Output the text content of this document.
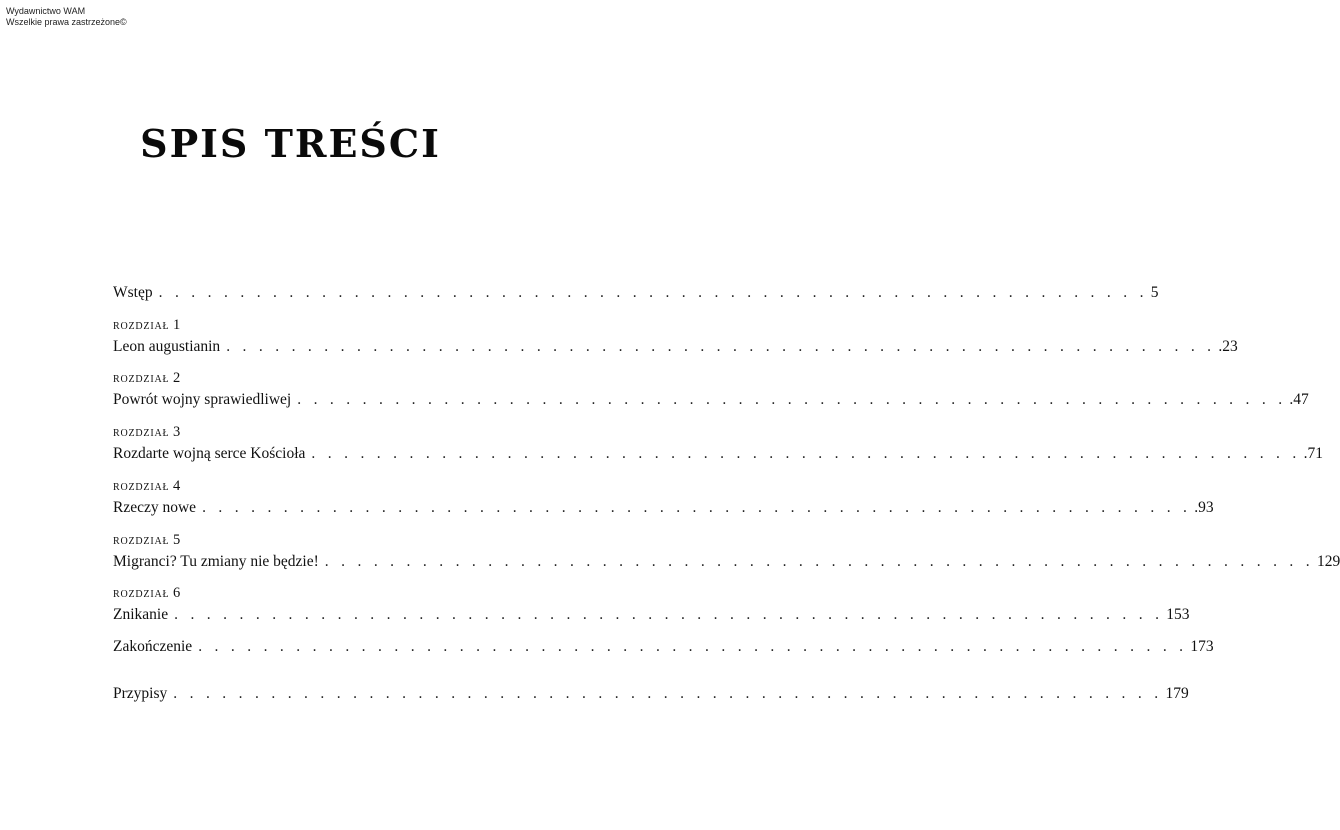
Wydawnictwo WAM
Wszelkie prawa zastrzeżone©
SPIS TREŚCI
Wstęp . . . . . . . . . . . . . . . . . . . . . . . . . . . . . . . . . . . . . . . . . . . . . . . . . . . . . . . . . . . . . 5
rozdział 1
Leon augustianin . . . . . . . . . . . . . . . . . . . . . . . . . . . . . . . . . . . . . . . . . . . . . . . . . . . . . . . . . . . . . .23
rozdział 2
Powrót wojny sprawiedliwej . . . . . . . . . . . . . . . . . . . . . . . . . . . . . . . . . . . . . . . . . . . . . . . . . . . . . . . . . . . . . .47
rozdział 3
Rozdarte wojną serce Kościoła . . . . . . . . . . . . . . . . . . . . . . . . . . . . . . . . . . . . . . . . . . . . . . . . . . . . . . . . . . . . . .71
rozdział 4
Rzeczy nowe . . . . . . . . . . . . . . . . . . . . . . . . . . . . . . . . . . . . . . . . . . . . . . . . . . . . . . . . . . . . . .93
rozdział 5
Migranci? Tu zmiany nie będzie! . . . . . . . . . . . . . . . . . . . . . . . . . . . . . . . . . . . . . . . . . . . . . . . . . . . . . . . . . . . . . 129
rozdział 6
Znikanie . . . . . . . . . . . . . . . . . . . . . . . . . . . . . . . . . . . . . . . . . . . . . . . . . . . . . . . . . . . . . 153
Zakończenie . . . . . . . . . . . . . . . . . . . . . . . . . . . . . . . . . . . . . . . . . . . . . . . . . . . . . . . . . . . . . 173
Przypisy . . . . . . . . . . . . . . . . . . . . . . . . . . . . . . . . . . . . . . . . . . . . . . . . . . . . . . . . . . . . . 179
